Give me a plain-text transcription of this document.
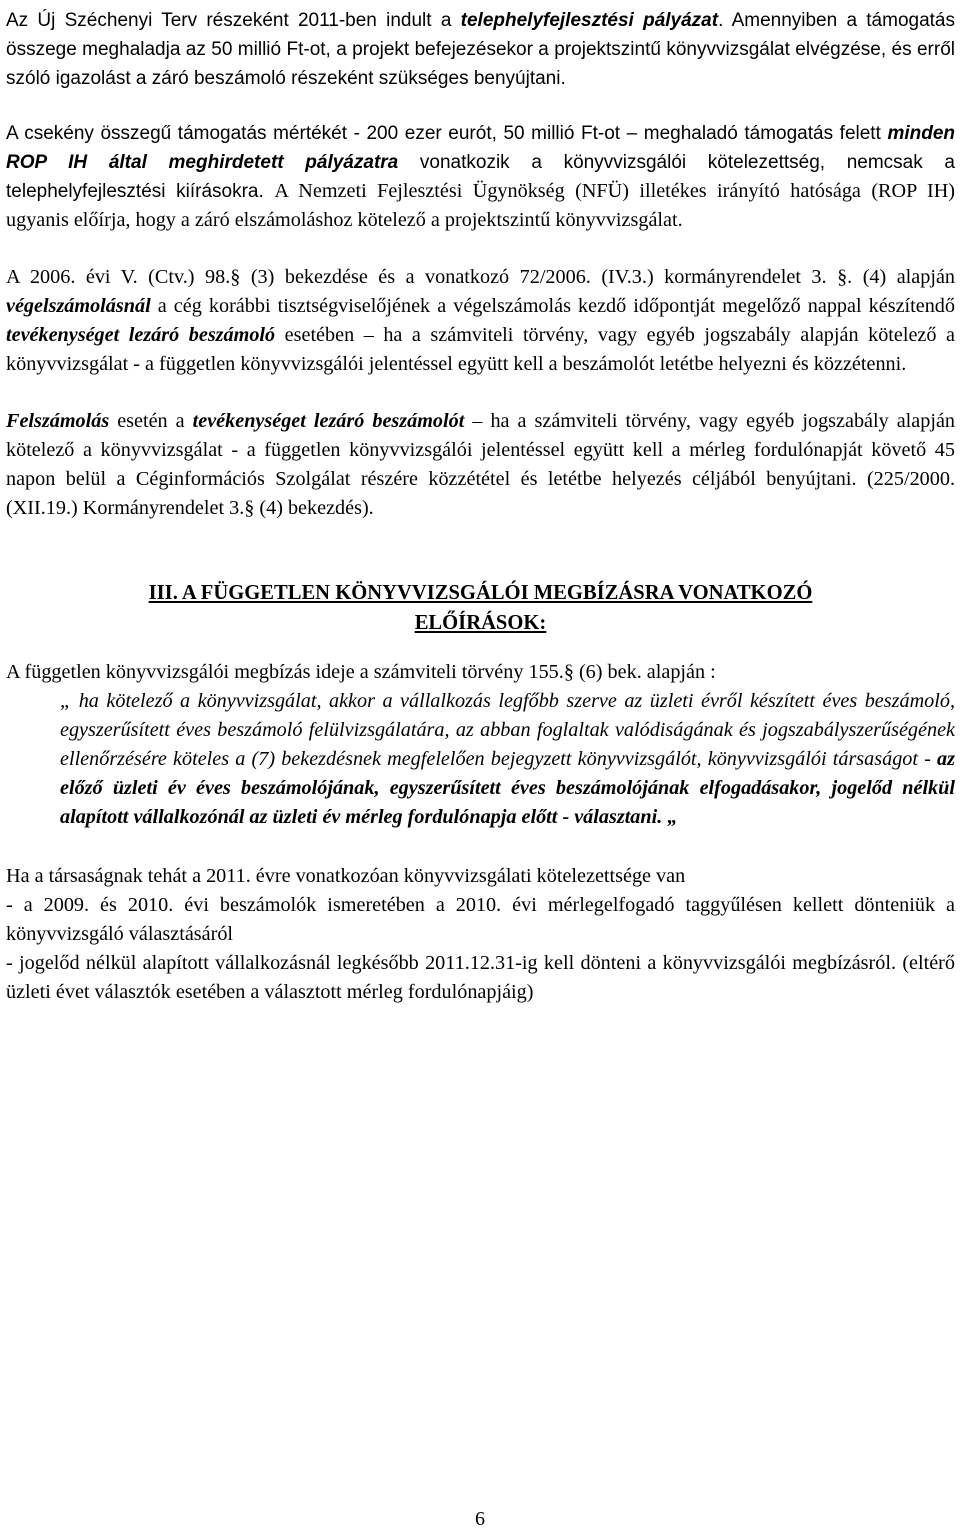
Az Új Széchenyi Terv részeként 2011-ben indult a telephelyfejlesztési pályázat. Amennyiben a támogatás összege meghaladja az 50 millió Ft-ot, a projekt befejezésekor a projektszintű könyvvizsgálat elvégzése, és erről szóló igazolást a záró beszámoló részeként szükséges benyújtani.

A csekény összegű támogatás mértékét - 200 ezer eurót, 50 millió Ft-ot – meghaladó támogatás felett minden ROP IH által meghirdetett pályázatra vonatkozik a könyvvizsgálói kötelezettség, nemcsak a telephelyfejlesztési kiírásokra. A Nemzeti Fejlesztési Ügynökség (NFÜ) illetékes irányító hatósága (ROP IH) ugyanis előírja, hogy a záró elszámoláshoz kötelező a projektszintű könyvvizsgálat.

A 2006. évi V. (Ctv.) 98.§ (3) bekezdése és a vonatkozó 72/2006. (IV.3.) kormányrendelet 3. §. (4) alapján végelszámolásnál a cég korábbi tisztségviselőjének a végelszámolás kezdő időpontját megelőző nappal készítendő tevékenységet lezáró beszámoló esetében – ha a számviteli törvény, vagy egyéb jogszabály alapján kötelező a könyvvizsgálat - a független könyvvizsgálói jelentéssel együtt kell a beszámolót letétbe helyezni és közzétenni.

Felszámolás esetén a tevékenységet lezáró beszámolót – ha a számviteli törvény, vagy egyéb jogszabály alapján kötelező a könyvvizsgálat - a független könyvvizsgálói jelentéssel együtt kell a mérleg fordulónapját követő 45 napon belül a Céginformációs Szolgálat részére közzététel és letétbe helyezés céljából benyújtani. (225/2000. (XII.19.) Kormányrendelet 3.§ (4) bekezdés).

III. A FÜGGETLEN KÖNYVVIZSGÁLÓI MEGBÍZÁSRA VONATKOZÓ
ELŐÍRÁSOK:

A független könyvvizsgálói megbízás ideje a számviteli törvény 155.§ (6) bek. alapján :

„ ha kötelező a könyvvizsgálat, akkor a vállalkozás legfőbb szerve az üzleti évről készített éves beszámoló, egyszerűsített éves beszámoló felülvizsgálatára, az abban foglaltak valódiságának és jogszabályszerűségének ellenőrzésére köteles a (7) bekezdésnek megfelelően bejegyzett könyvvizsgálót, könyvvizsgálói társaságot - az előző üzleti év éves beszámolójának, egyszerűsített éves beszámolójának elfogadásakor, jogelőd nélkül alapított vállalkozónál az üzleti év mérleg fordulónapja előtt - választani. „

Ha a társaságnak tehát a 2011. évre vonatkozóan könyvvizsgálati kötelezettsége van

- a 2009. és 2010. évi beszámolók ismeretében a 2010. évi mérlegelfogadó taggyűlésen kellett dönteniük a könyvvizsgáló választásáról

- jogelőd nélkül alapított vállalkozásnál legkésőbb 2011.12.31-ig kell dönteni a könyvvizsgálói megbízásról. (eltérő üzleti évet választók esetében a választott mérleg fordulónapjáig)

6
